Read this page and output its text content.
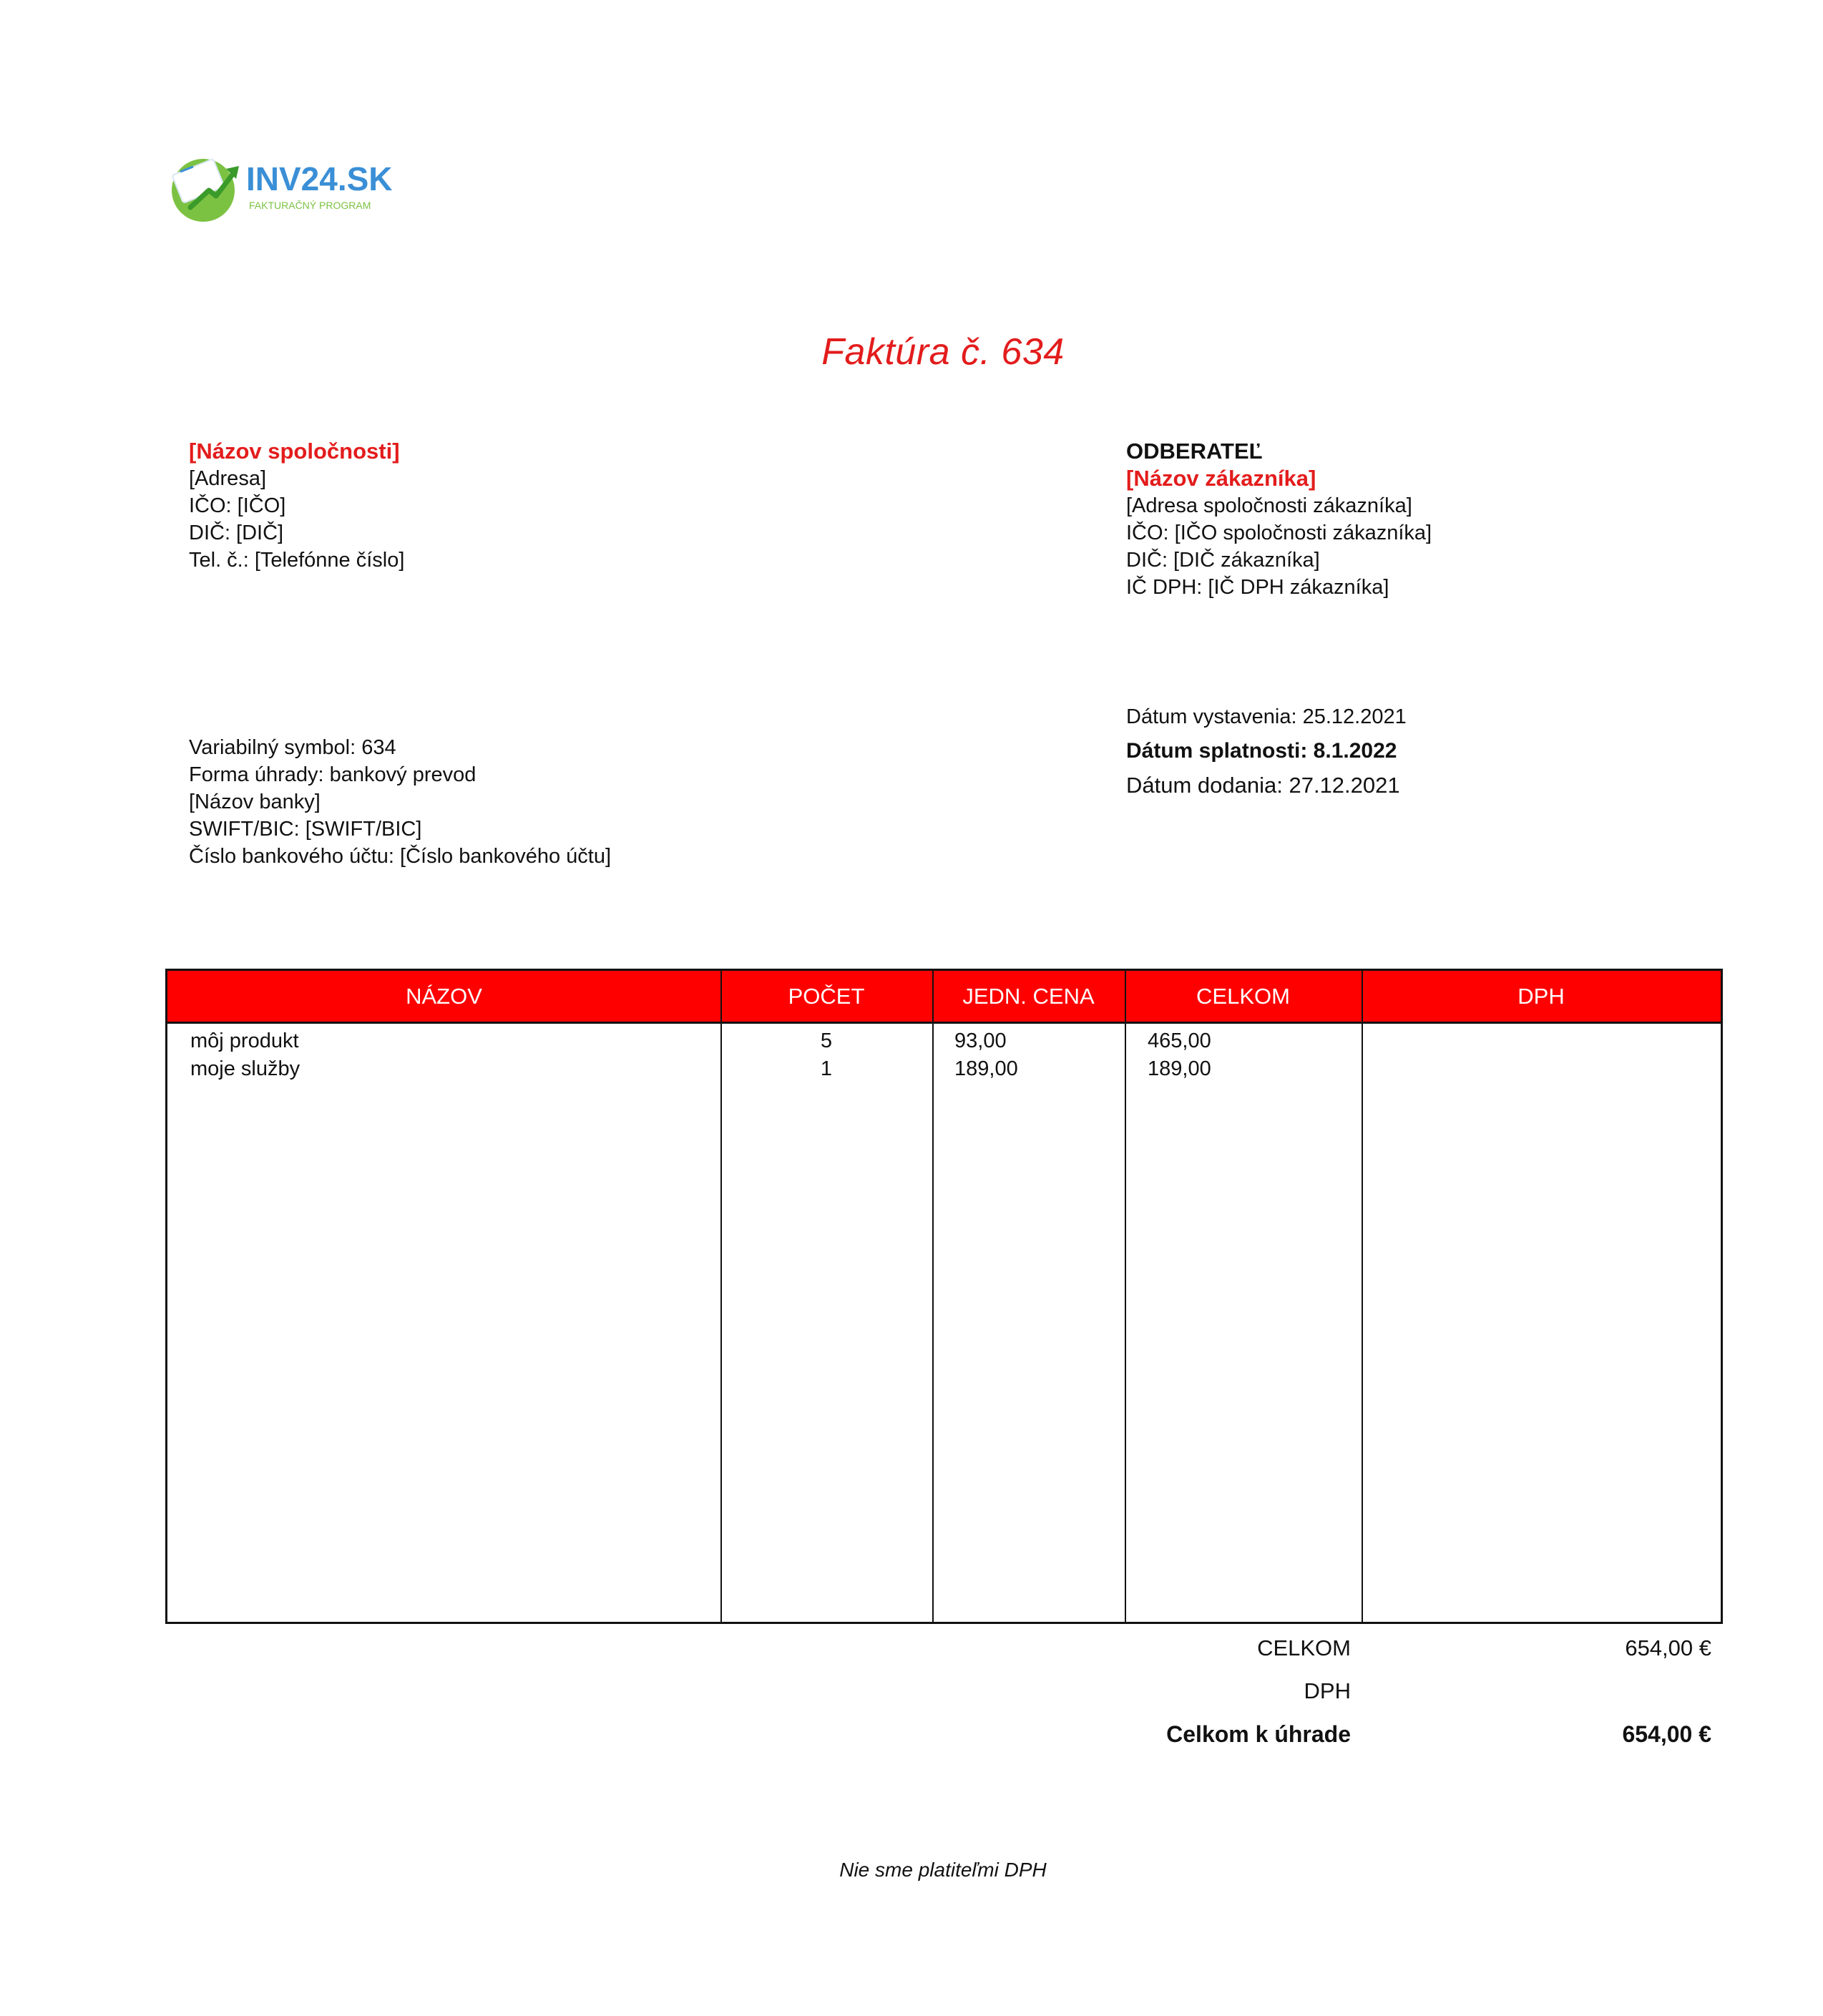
INV24.SK
FAKTURAČNÝ PROGRAM
Faktúra č. 634
[Názov spoločnosti]
[Adresa]
IČO: [IČO]
DIČ: [DIČ]
Tel. č.: [Telefónne číslo]
ODBERATEĽ
[Názov zákazníka]
[Adresa spoločnosti zákazníka]
IČO: [IČO spoločnosti zákazníka]
DIČ: [DIČ zákazníka]
IČ DPH: [IČ DPH zákazníka]
Variabilný symbol: 634
Forma úhrady: bankový prevod
[Názov banky]
SWIFT/BIC: [SWIFT/BIC]
Číslo bankového účtu: [Číslo bankového účtu]
Dátum vystavenia: 25.12.2021
Dátum splatnosti: 8.1.2022
Dátum dodania: 27.12.2021
NÁZOV	POČET	JEDN. CENA	CELKOM	DPH
môj produkt	5	93,00	465,00
moje služby	1	189,00	189,00
CELKOM	654,00 €
DPH
Celkom k úhrade	654,00 €
Nie sme platiteľmi DPH
